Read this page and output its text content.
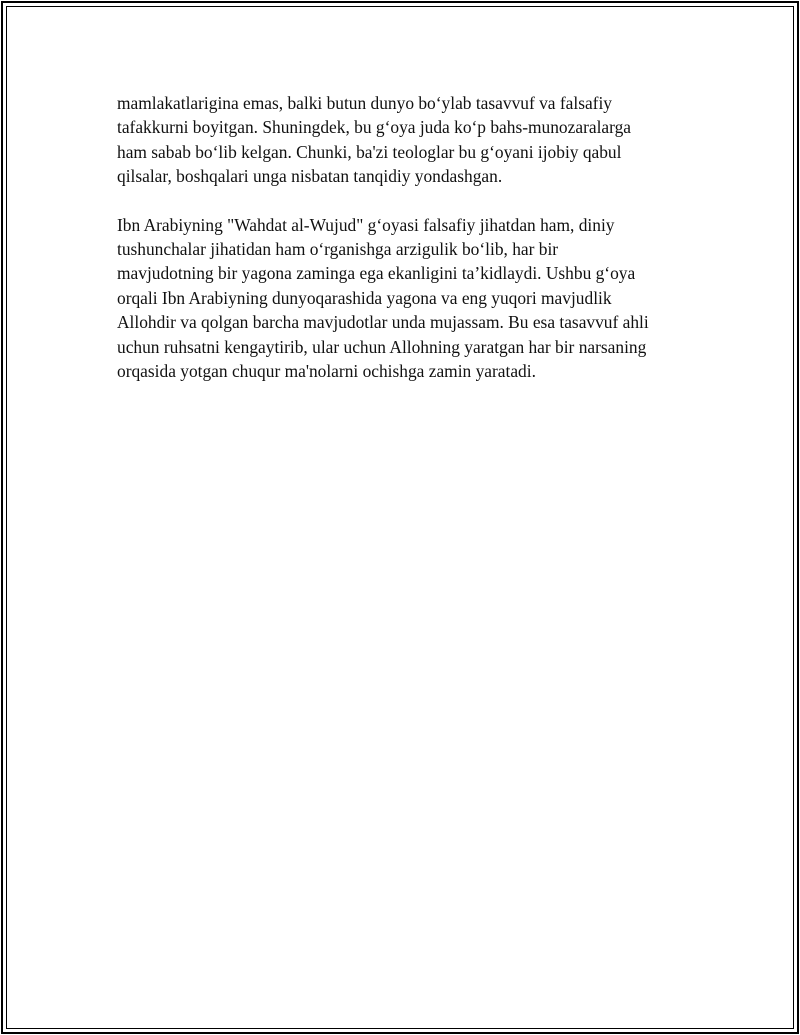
mamlakatlarigina emas, balki butun dunyo boʻylab tasavvuf va falsafiy
tafakkurni boyitgan. Shuningdek, bu gʻoya juda koʻp bahs-munozaralarga
ham sabab boʻlib kelgan. Chunki, ba'zi teologlar bu gʻoyani ijobiy qabul
qilsalar, boshqalari unga nisbatan tanqidiy yondashgan.

Ibn Arabiyning "Wahdat al-Wujud" gʻoyasi falsafiy jihatdan ham, diniy
tushunchalar jihatidan ham oʻrganishga arzigulik boʻlib, har bir
mavjudotning bir yagona zaminga ega ekanligini ta’kidlaydi. Ushbu gʻoya
orqali Ibn Arabiyning dunyoqarashida yagona va eng yuqori mavjudlik
Allohdir va qolgan barcha mavjudotlar unda mujassam. Bu esa tasavvuf ahli
uchun ruhsatni kengaytirib, ular uchun Allohning yaratgan har bir narsaning
orqasida yotgan chuqur ma'nolarni ochishga zamin yaratadi.
